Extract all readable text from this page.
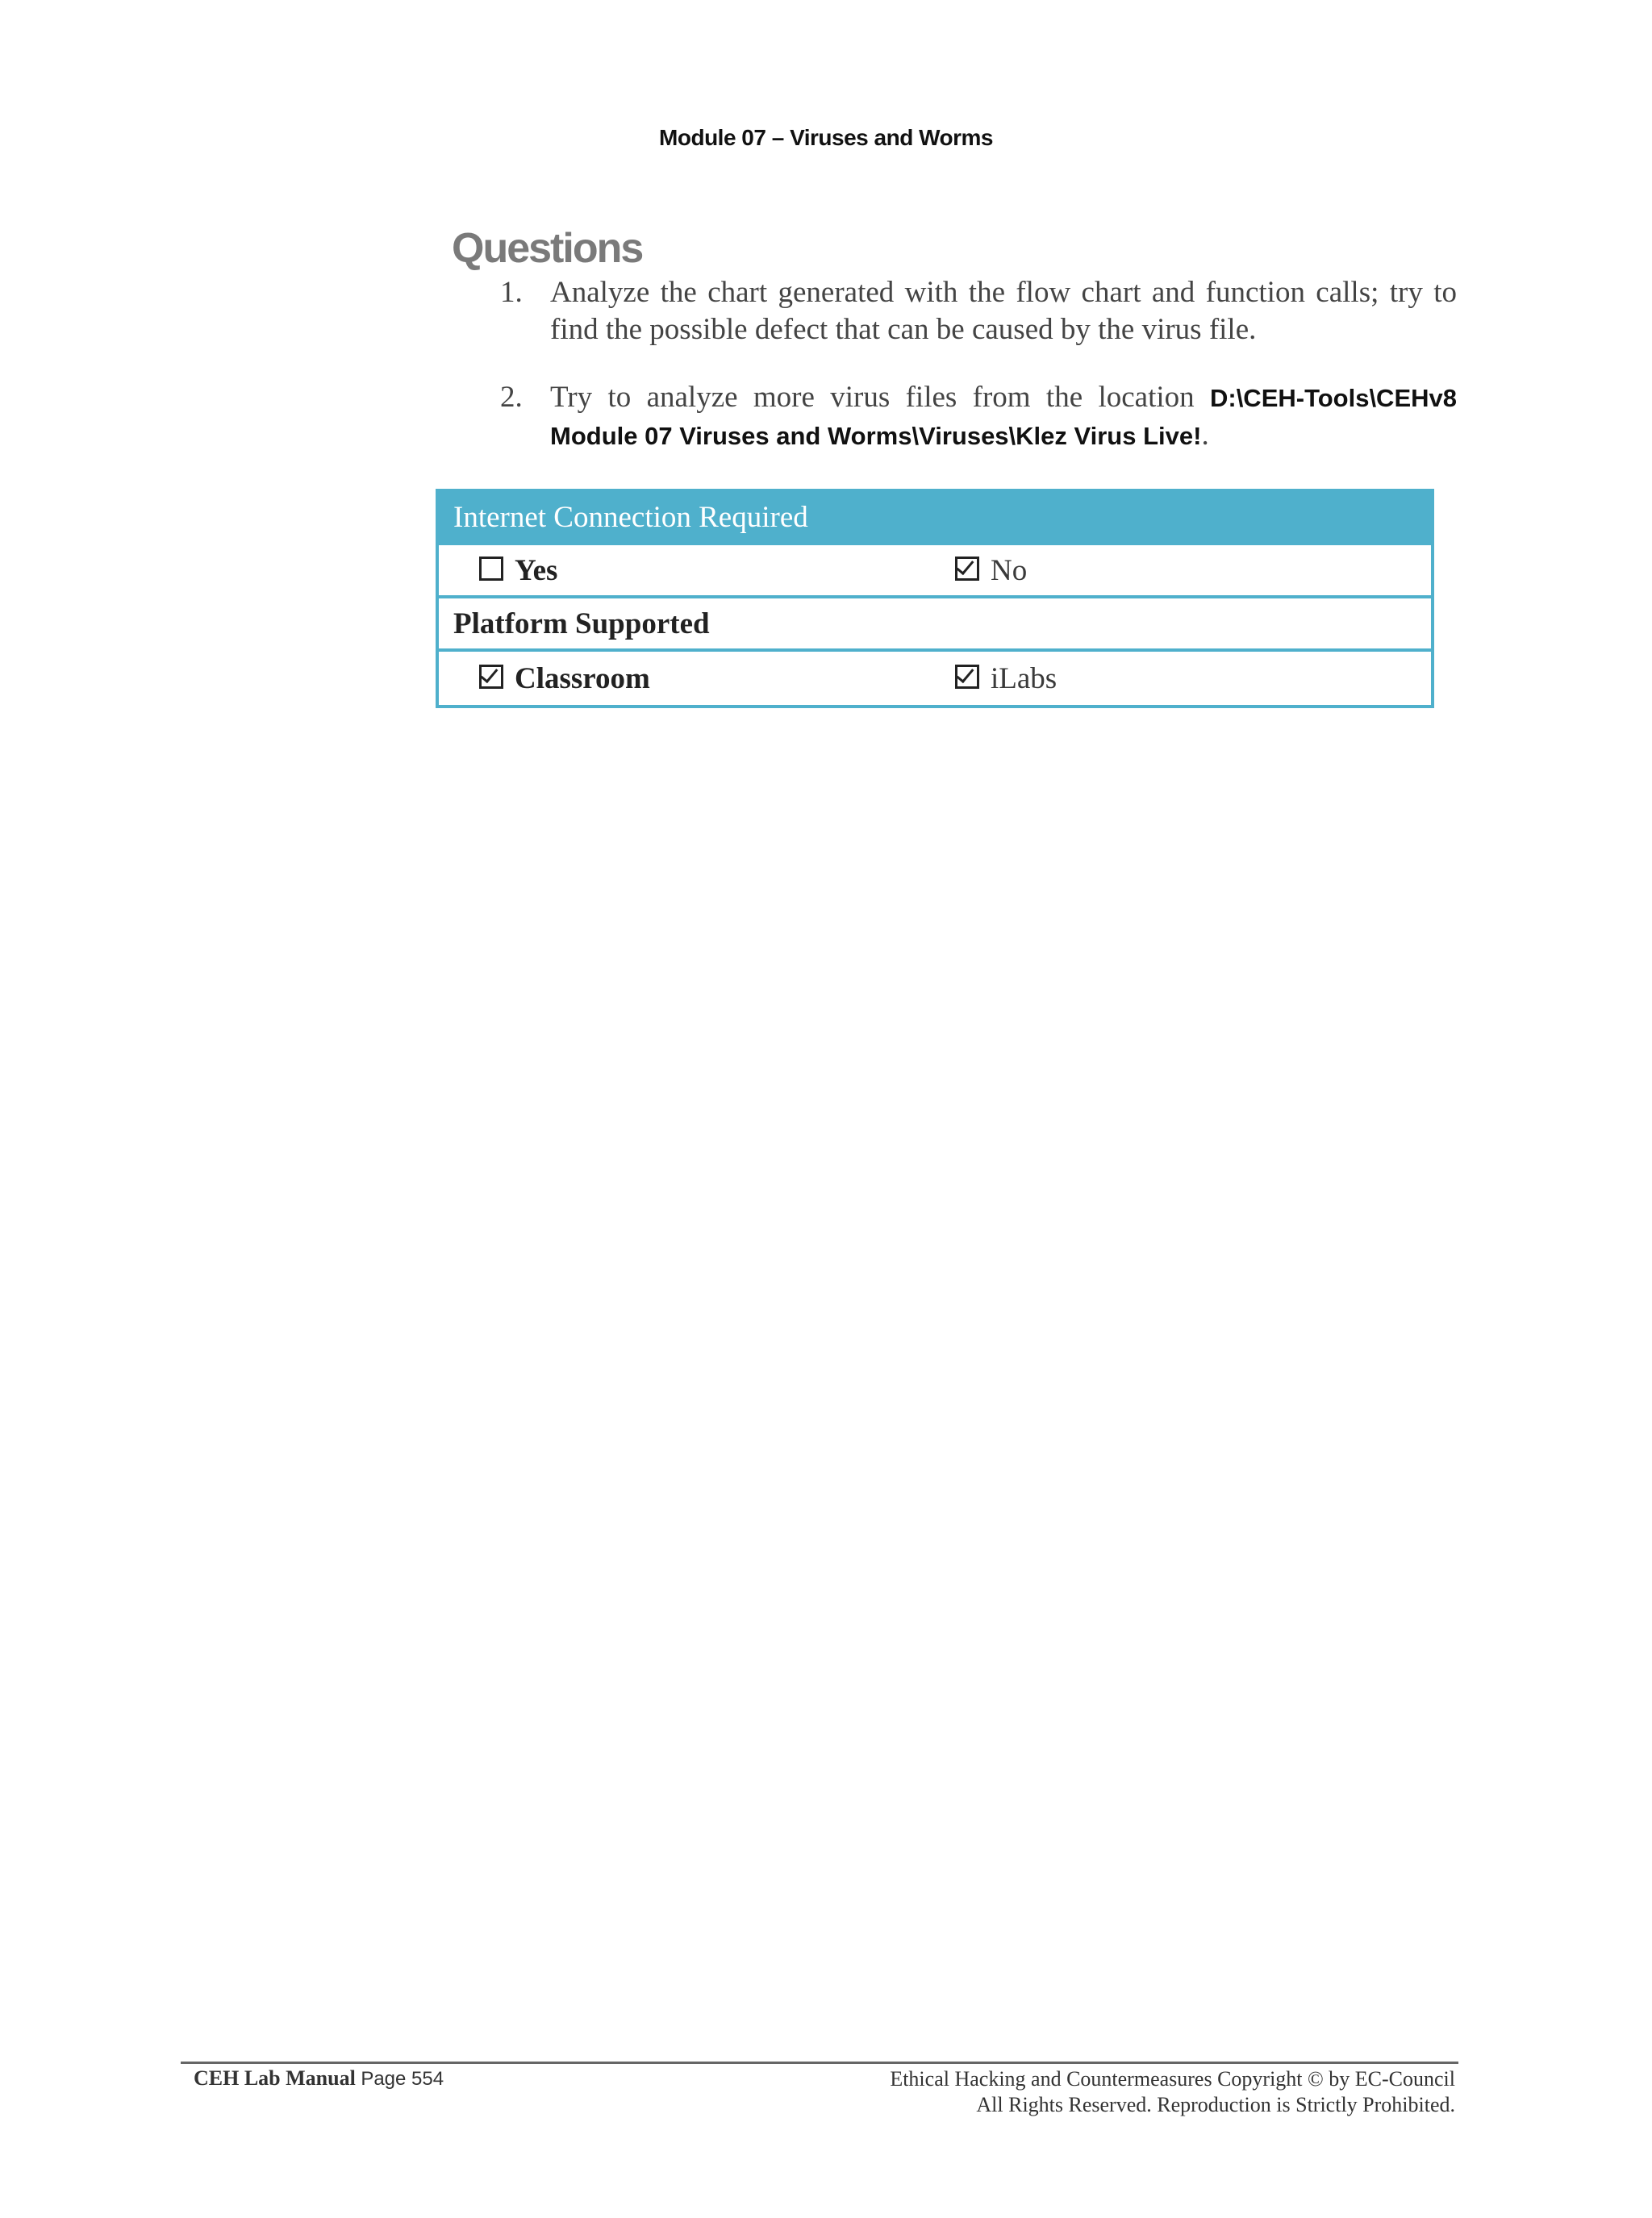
Module 07 – Viruses and Worms
Questions
1. Analyze the chart generated with the flow chart and function calls; try to find the possible defect that can be caused by the virus file.
2. Try to analyze more virus files from the location D:\CEH-Tools\CEHv8 Module 07 Viruses and Worms\Viruses\Klez Virus Live!.
Internet Connection Required
Yes	No
Platform Supported
Classroom	iLabs
CEH Lab Manual Page 554	Ethical Hacking and Countermeasures Copyright © by EC-Council
All Rights Reserved. Reproduction is Strictly Prohibited.
